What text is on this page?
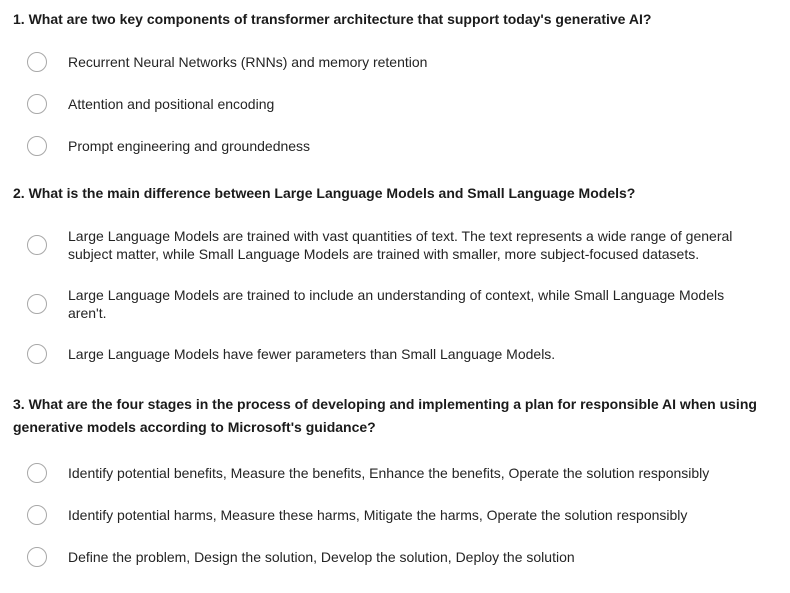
1. What are two key components of transformer architecture that support today's generative AI?
Recurrent Neural Networks (RNNs) and memory retention
Attention and positional encoding
Prompt engineering and groundedness
2. What is the main difference between Large Language Models and Small Language Models?
Large Language Models are trained with vast quantities of text. The text represents a wide range of general subject matter, while Small Language Models are trained with smaller, more subject-focused datasets.
Large Language Models are trained to include an understanding of context, while Small Language Models aren't.
Large Language Models have fewer parameters than Small Language Models.
3. What are the four stages in the process of developing and implementing a plan for responsible AI when using generative models according to Microsoft's guidance?
Identify potential benefits, Measure the benefits, Enhance the benefits, Operate the solution responsibly
Identify potential harms, Measure these harms, Mitigate the harms, Operate the solution responsibly
Define the problem, Design the solution, Develop the solution, Deploy the solution
